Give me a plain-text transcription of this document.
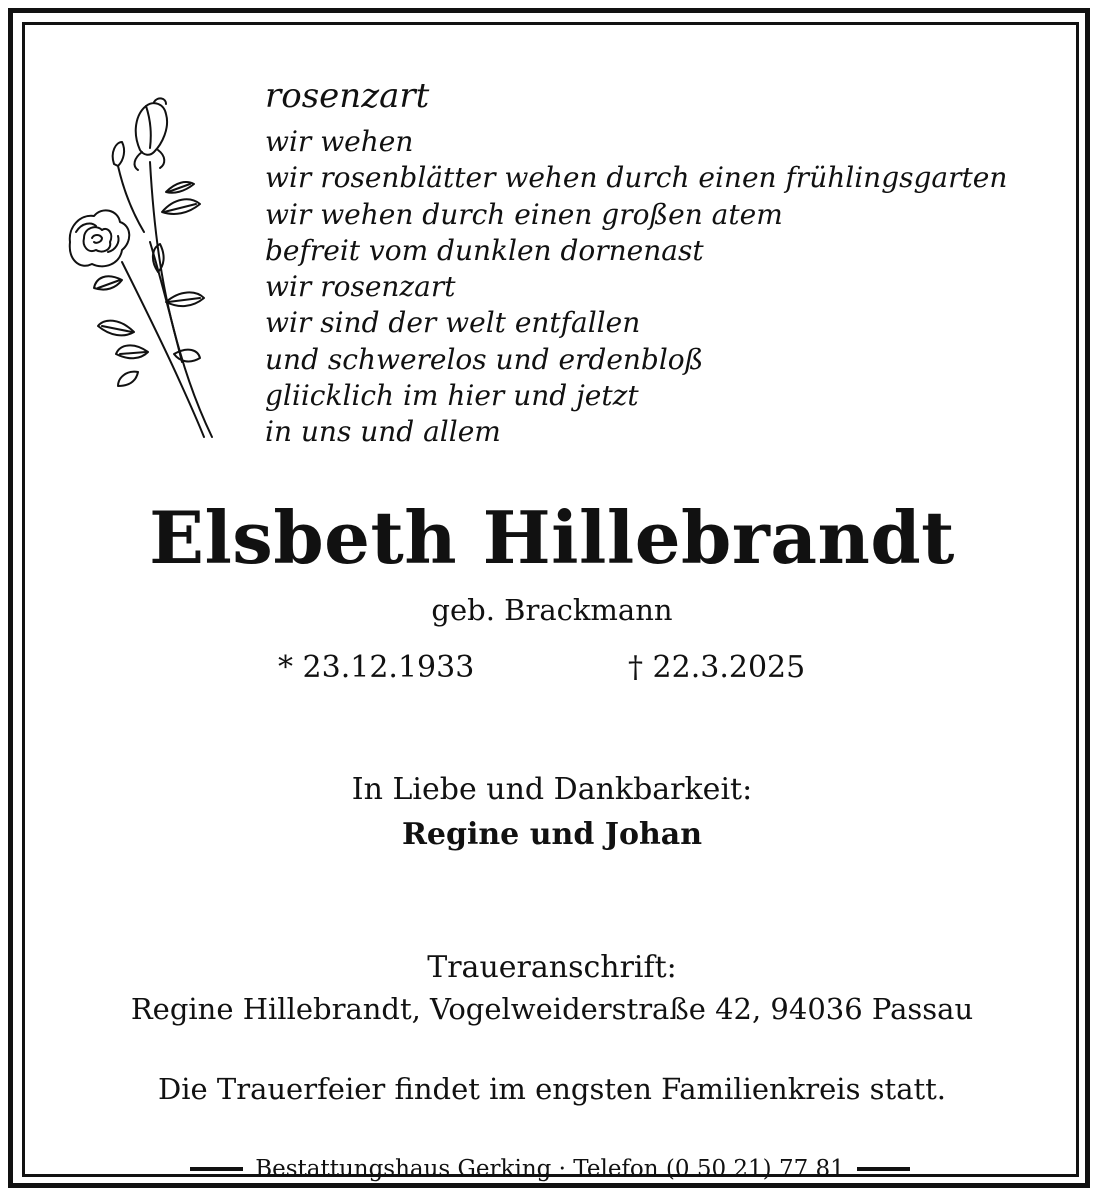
rosenzart
wir wehen
wir rosenblätter wehen durch einen frühlingsgarten
wir wehen durch einen großen atem
befreit vom dunklen dornenast
wir rosenzart
wir sind der welt entfallen
und schwerelos und erdenbloß
gliicklich im hier und jetzt
in uns und allem
Elsbeth Hillebrandt
geb. Brackmann
* 23.12.1933	† 22.3.2025
In Liebe und Dankbarkeit:
Regine und Johan
Traueranschrift:
Regine Hillebrandt, Vogelweiderstraße 42, 94036 Passau
Die Trauerfeier findet im engsten Familienkreis statt.
Bestattungshaus Gerking · Telefon (0 50 21) 77 81
